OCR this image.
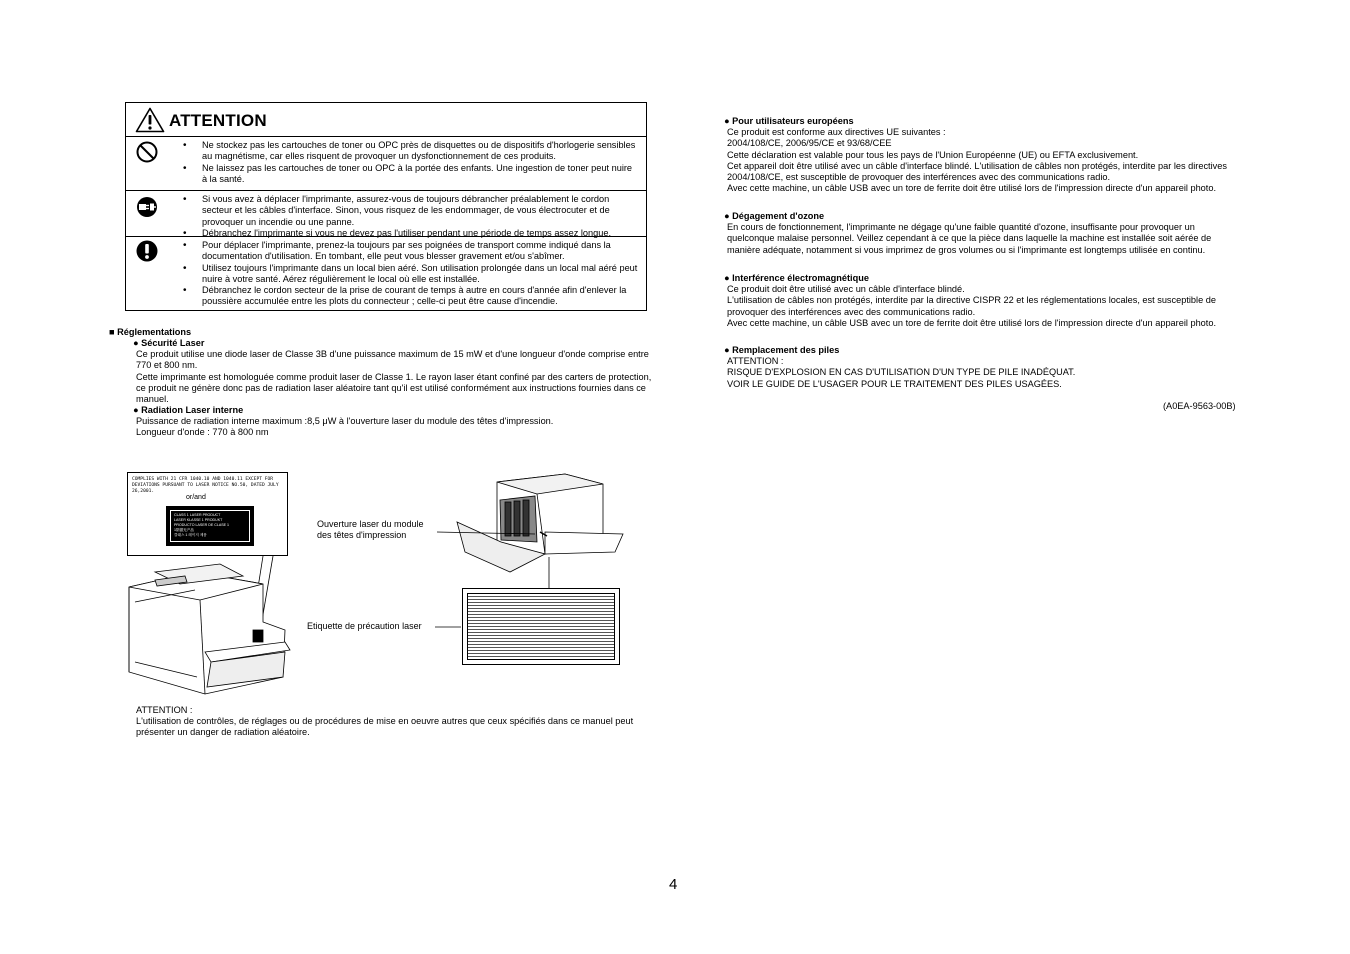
ATTENTION
• Ne stockez pas les cartouches de toner ou OPC près de disquettes ou de dispositifs d'horlogerie sensibles au magnétisme, car elles risquent de provoquer un dysfonctionnement de ces produits.
• Ne laissez pas les cartouches de toner ou OPC à la portée des enfants. Une ingestion de toner peut nuire à la santé.
• Si vous avez à déplacer l'imprimante, assurez-vous de toujours débrancher préalablement le cordon secteur et les câbles d'interface. Sinon, vous risquez de les endommager, de vous électrocuter et de provoquer un incendie ou une panne.
• Débranchez l'imprimante si vous ne devez pas l'utiliser pendant une période de temps assez longue.
• Pour déplacer l'imprimante, prenez-la toujours par ses poignées de transport comme indiqué dans la documentation d'utilisation. En tombant, elle peut vous blesser gravement et/ou s'abîmer.
• Utilisez toujours l'imprimante dans un local bien aéré. Son utilisation prolongée dans un local mal aéré peut nuire à votre santé. Aérez régulièrement le local où elle est installée.
• Débranchez le cordon secteur de la prise de courant de temps à autre en cours d'année afin d'enlever la poussière accumulée entre les plots du connecteur ; celle-ci peut être cause d'incendie.
■ Réglementations
● Sécurité Laser

Ce produit utilise une diode laser de Classe 3B d'une puissance maximum de 15 mW et d'une longueur d'onde comprise entre 770 et 800 nm.

Cette imprimante est homologuée comme produit laser de Classe 1. Le rayon laser étant confiné par des carters de protection, ce produit ne génère donc pas de radiation laser aléatoire tant qu'il est utilisé conformément aux instructions fournies dans ce manuel.

● Radiation Laser interne

Puissance de radiation interne maximum :8,5 μW à l'ouverture laser du module des têtes d'impression.

Longueur d'onde : 770 à 800 nm

COMPLIES WITH 21 CFR 1040.10 AND 1040.11 EXCEPT FOR DEVIATIONS PURSUANT TO LASER NOTICE NO.50, DATED JULY 26,2001.
or/and
CLASS 1 LASER PRODUCT
LASER KLASSE 1 PRODUKT
PRODUCTO LASER DE CLASE 1
1類激光产品
클래스 1 레이저 제품
Ouverture laser du module des têtes d'impression
Etiquette de précaution laser
ATTENTION :
L'utilisation de contrôles, de réglages ou de procédures de mise en oeuvre autres que ceux spécifiés dans ce manuel peut présenter un danger de radiation aléatoire.
● Pour utilisateurs européens

Ce produit est conforme aux directives UE suivantes :

2004/108/CE, 2006/95/CE et 93/68/CEE

Cette déclaration est valable pour tous les pays de l'Union Européenne (UE) ou EFTA exclusivement.

Cet appareil doit être utilisé avec un câble d'interface blindé. L'utilisation de câbles non protégés, interdite par les directives 2004/108/CE, est susceptible de provoquer des interférences avec des communications radio.

Avec cette machine, un câble USB avec un tore de ferrite doit être utilisé lors de l'impression directe d'un appareil photo.

● Dégagement d'ozone

En cours de fonctionnement, l'imprimante ne dégage qu'une faible quantité d'ozone, insuffisante pour provoquer un quelconque malaise personnel. Veillez cependant à ce que la pièce dans laquelle la machine est installée soit aérée de manière adéquate, notamment si vous imprimez de gros volumes ou si l'imprimante est longtemps utilisée en continu.

● Interférence électromagnétique

Ce produit doit être utilisé avec un câble d'interface blindé.

L'utilisation de câbles non protégés, interdite par la directive CISPR 22 et les réglementations locales, est susceptible de provoquer des interférences avec des communications radio.

Avec cette machine, un câble USB avec un tore de ferrite doit être utilisé lors de l'impression directe d'un appareil photo.

● Remplacement des piles

ATTENTION :

RISQUE D'EXPLOSION EN CAS D'UTILISATION D'UN TYPE DE PILE INADÉQUAT.

VOIR LE GUIDE DE L'USAGER POUR LE TRAITEMENT DES PILES USAGÉES.

(A0EA-9563-00B)
4
